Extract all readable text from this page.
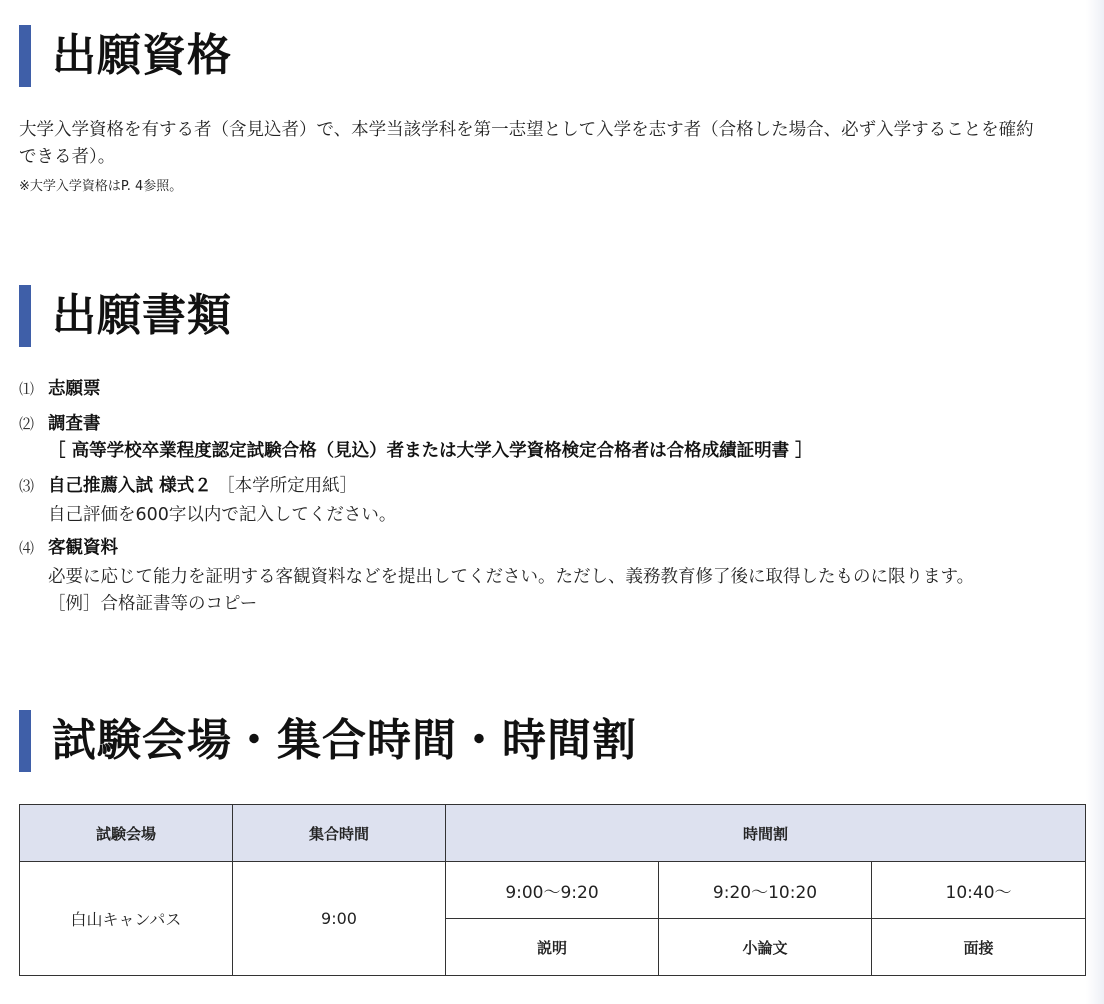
出願資格
大学入学資格を有する者（含見込者）で、本学当該学科を第一志望として入学を志す者（合格した場合、必ず入学することを確約
できる者）。
※大学入学資格はP. 4参照。
出願書類
⑴ 志願票
⑵ 調査書
［ 高等学校卒業程度認定試験合格（見込）者または大学入学資格検定合格者は合格成績証明書 ］
⑶ 自己推薦入試 様式２ ［本学所定用紙］
自己評価を600字以内で記入してください。
⑷ 客観資料
必要に応じて能力を証明する客観資料などを提出してください。ただし、義務教育修了後に取得したものに限ります。
［例］合格証書等のコピー
試験会場・集合時間・時間割
試験会場	集合時間	時間割		
白山キャンパス	9:00	9:00〜9:20	9:20〜10:20	10:40〜
		説明	小論文	面接
